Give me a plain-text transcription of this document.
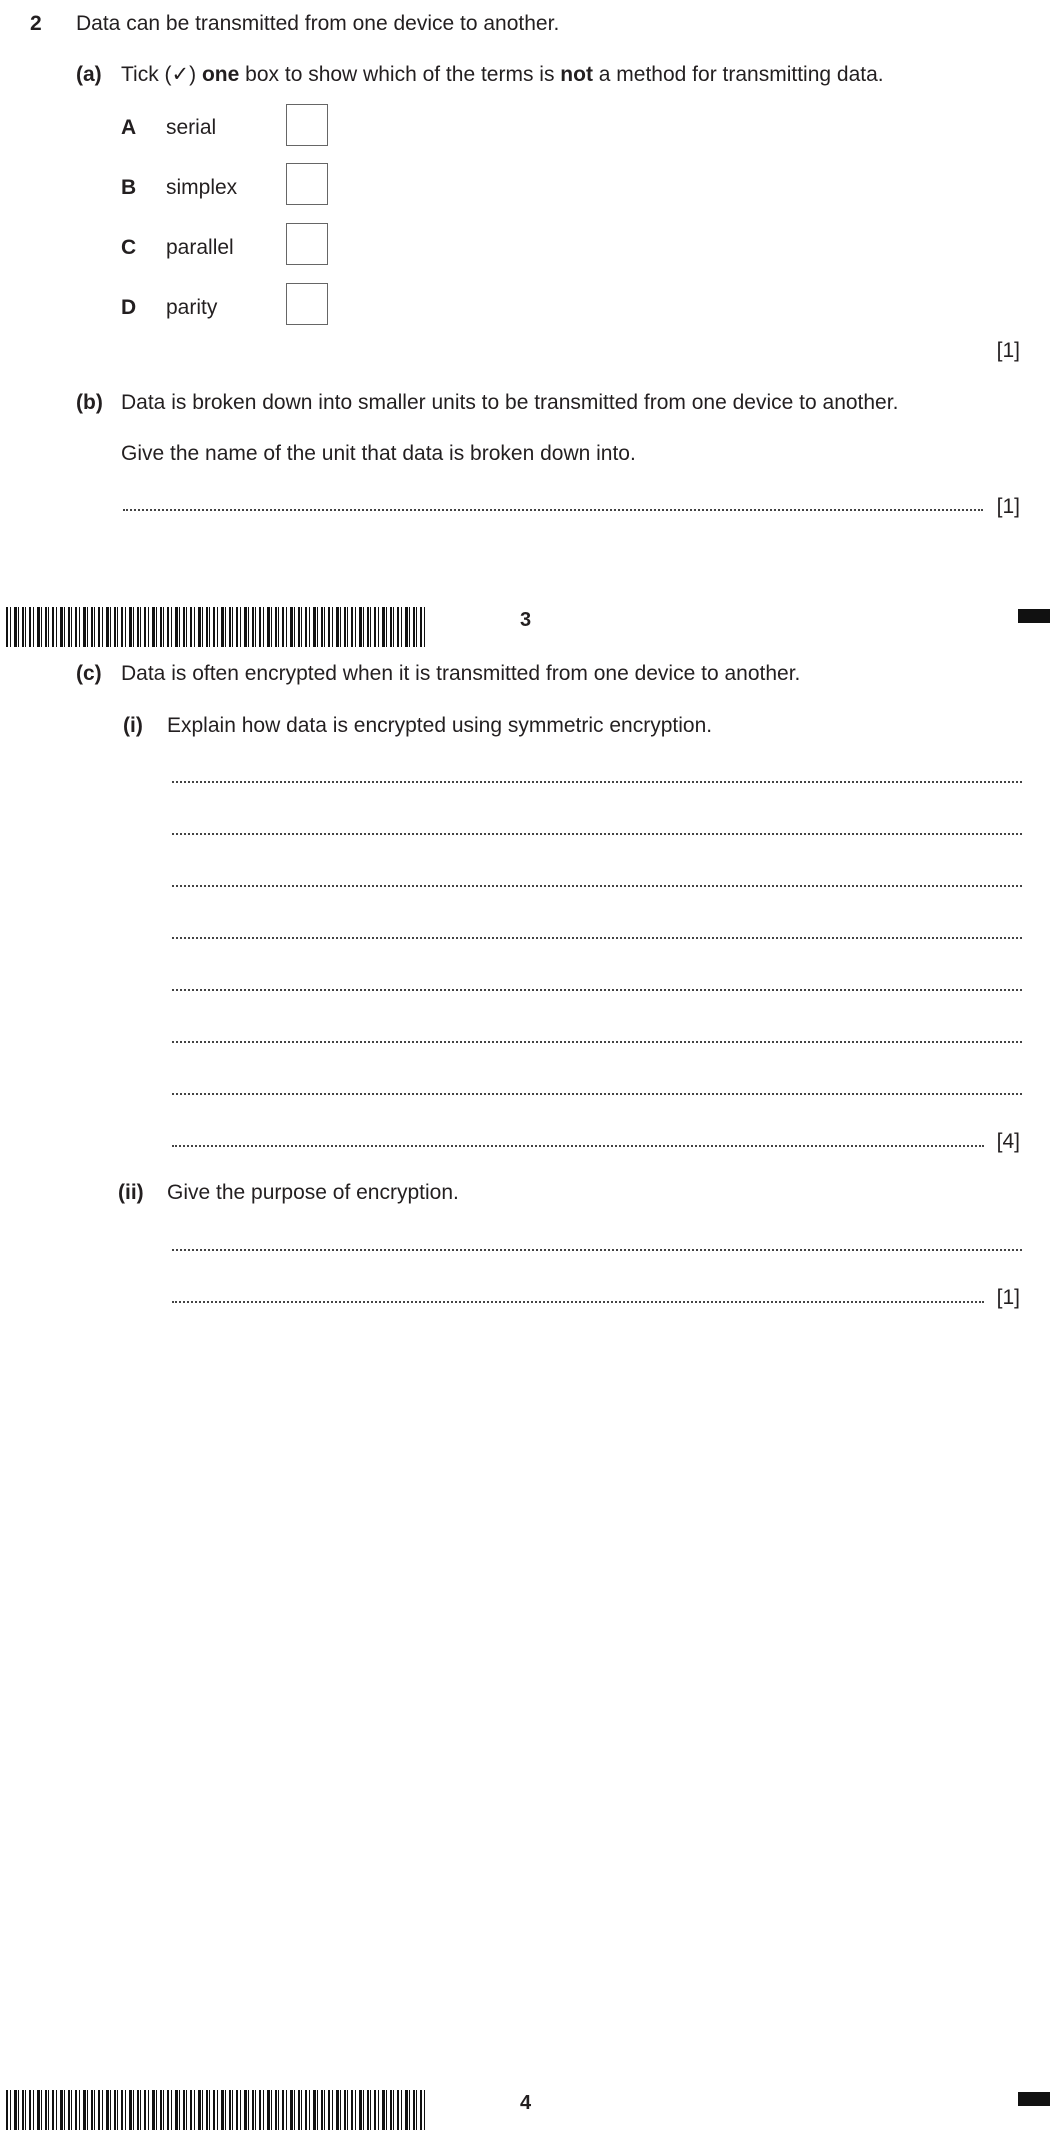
2 Data can be transmitted from one device to another.
(a) Tick (✓) one box to show which of the terms is not a method for transmitting data.
A serial
B simplex
C parallel
D parity
[1]
(b) Data is broken down into smaller units to be transmitted from one device to another.
Give the name of the unit that data is broken down into.
[1]
3
(c) Data is often encrypted when it is transmitted from one device to another.
(i) Explain how data is encrypted using symmetric encryption.
[4]
(ii) Give the purpose of encryption.
[1]
4
